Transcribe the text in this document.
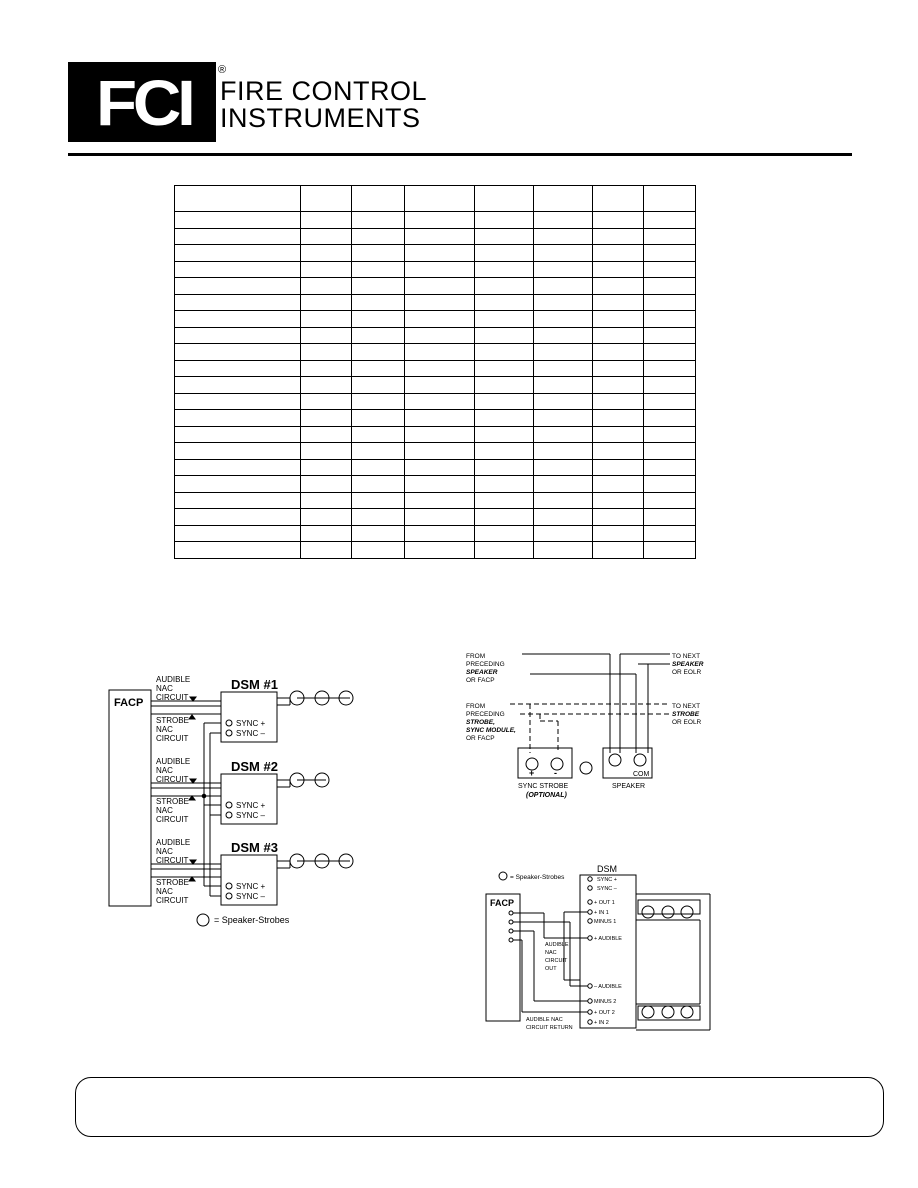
FCI ®
FIRE CONTROL
INSTRUMENTS

FACP
AUDIBLE
NAC
CIRCUIT
STROBE
NAC
CIRCUIT
DSM #1
SYNC +
SYNC –
AUDIBLE
NAC
CIRCUIT
STROBE
NAC
CIRCUIT
DSM #2
SYNC +
SYNC –
AUDIBLE
NAC
CIRCUIT
STROBE
NAC
CIRCUIT
DSM #3
SYNC +
SYNC –
= Speaker-Strobes
FROM
PRECEDING
SPEAKER
OR FACP
TO NEXT
SPEAKER
OR EOLR
FROM
PRECEDING
STROBE,
SYNC MODULE,
OR FACP
TO NEXT
STROBE
OR EOLR
+ -	COM
SYNC STROBE
(OPTIONAL)
SPEAKER
= Speaker-Strobes
DSM
FACP
SYNC +
SYNC –
+ OUT 1
+ IN 1
MINUS 1
+ AUDIBLE
– AUDIBLE
MINUS 2
+ OUT 2
+ IN 2
AUDIBLE
NAC
CIRCUIT
OUT
AUDIBLE NAC
CIRCUIT RETURN
